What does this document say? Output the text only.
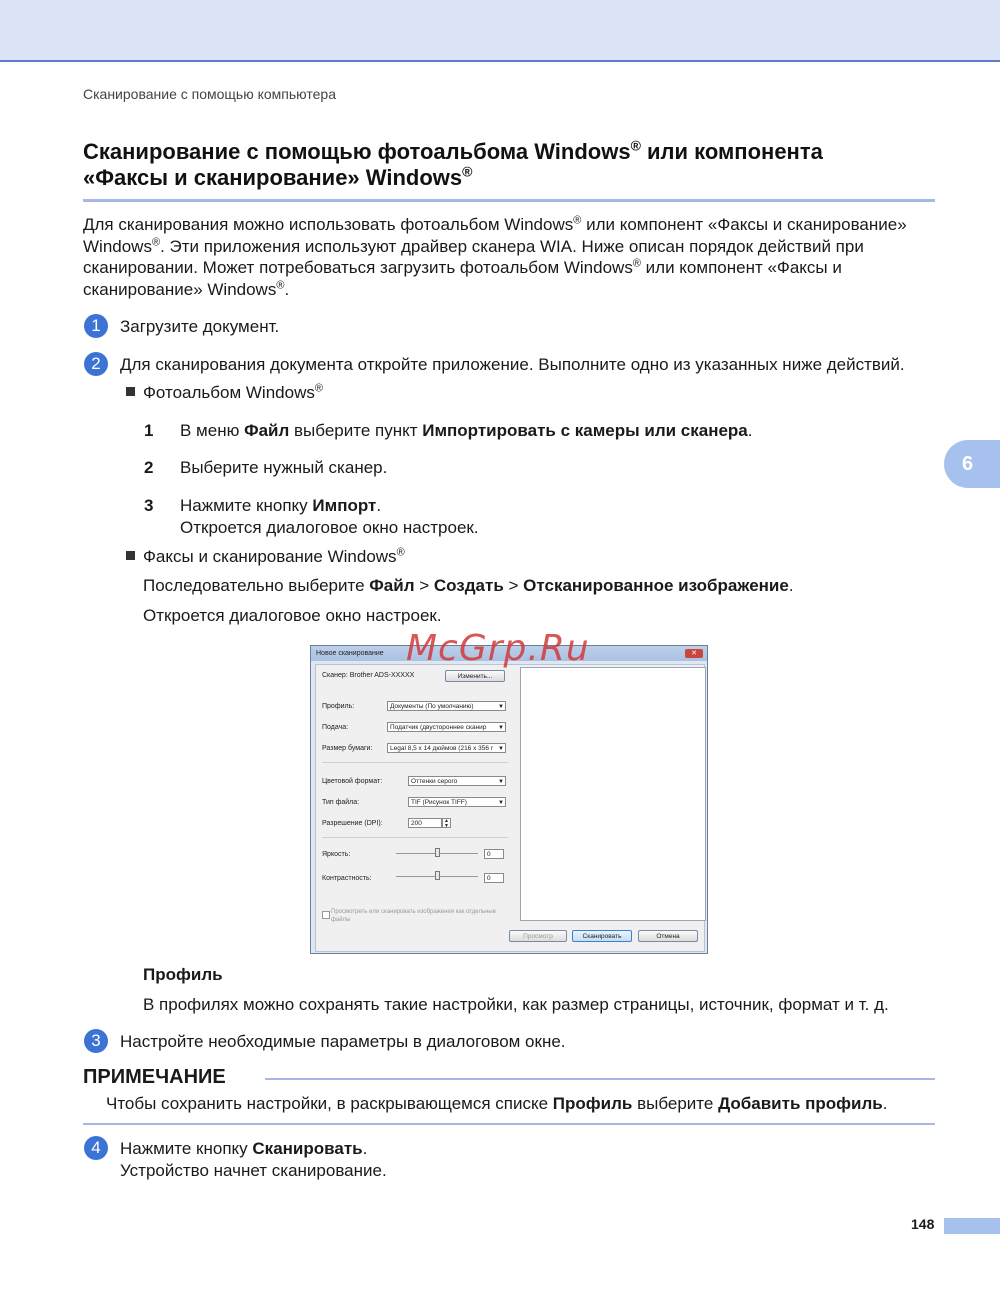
Сканирование с помощью компьютера
Сканирование с помощью фотоальбома Windows® или компонента
«Факсы и сканирование» Windows®
Для сканирования можно использовать фотоальбом Windows® или компонент «Факсы и сканирование» Windows®. Эти приложения используют драйвер сканера WIA. Ниже описан порядок действий при сканировании. Может потребоваться загрузить фотоальбом Windows® или компонент «Факсы и сканирование» Windows®.
1	Загрузите документ.
2	Для сканирования документа откройте приложение. Выполните одно из указанных ниже действий.
Фотоальбом Windows®
1 В меню Файл выберите пункт Импортировать с камеры или сканера.
2 Выберите нужный сканер.
3 Нажмите кнопку Импорт.
Откроется диалоговое окно настроек.
Факсы и сканирование Windows®
Последовательно выберите Файл > Создать > Отсканированное изображение.
Откроется диалоговое окно настроек.
Новое сканирование	✕
Сканер: Brother ADS-XXXXX	Изменить...
Профиль:	Документы (По умолчанию)	▼
Подача:	Податчик (двустороннее сканир ▼
Размер бумаги:	Legal 8,5 x 14 дюймов (216 x 356 r ▼
Цветовой формат:	Оттенки серого	▼
Тип файла:	TIF (Рисунок TIFF)	▼
Разрешение (DPI):	200	▲
▼
Яркость:	0
Контрастность:	0
Просмотреть или сканировать изображения как отдельные файлы
Просмотр	Сканировать	Отмена
McGrp.Ru
Профиль
В профилях можно сохранять такие настройки, как размер страницы, источник, формат и т. д.
3	Настройте необходимые параметры в диалоговом окне.
ПРИМЕЧАНИЕ
Чтобы сохранить настройки, в раскрывающемся списке Профиль выберите Добавить профиль.
4	Нажмите кнопку Сканировать.
Устройство начнет сканирование.
6
148
